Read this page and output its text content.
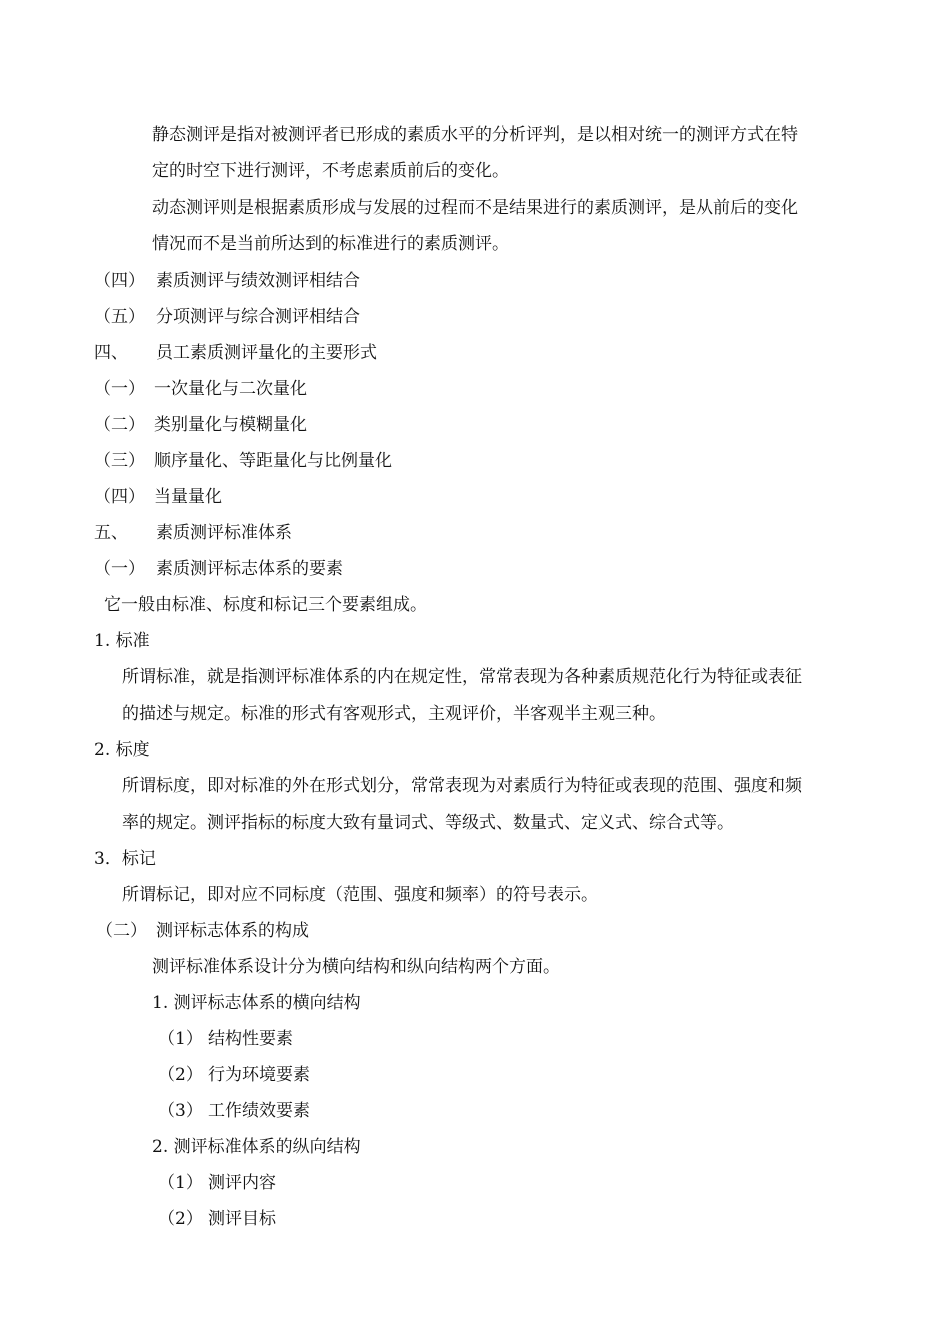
静态测评是指对被测评者已形成的素质水平的分析评判，是以相对统一的测评方式在特
定的时空下进行测评，不考虑素质前后的变化。
动态测评则是根据素质形成与发展的过程而不是结果进行的素质测评，是从前后的变化
情况而不是当前所达到的标准进行的素质测评。
（四） 素质测评与绩效测评相结合
（五） 分项测评与综合测评相结合
四、 员工素质测评量化的主要形式
（一） 一次量化与二次量化
（二） 类别量化与模糊量化
（三） 顺序量化、等距量化与比例量化
（四） 当量量化
五、 素质测评标准体系
（一） 素质测评标志体系的要素
它一般由标准、标度和标记三个要素组成。
1. 标准
所谓标准，就是指测评标准体系的内在规定性，常常表现为各种素质规范化行为特征或表征
的描述与规定。标准的形式有客观形式，主观评价，半客观半主观三种。
2. 标度
所谓标度，即对标准的外在形式划分，常常表现为对素质行为特征或表现的范围、强度和频
率的规定。测评指标的标度大致有量词式、等级式、数量式、定义式、综合式等。
3．标记
所谓标记，即对应不同标度（范围、强度和频率）的符号表示。
（二） 测评标志体系的构成
测评标准体系设计分为横向结构和纵向结构两个方面。
1. 测评标志体系的横向结构
（1） 结构性要素
（2） 行为环境要素
（3） 工作绩效要素
2. 测评标准体系的纵向结构
（1） 测评内容
（2） 测评目标
